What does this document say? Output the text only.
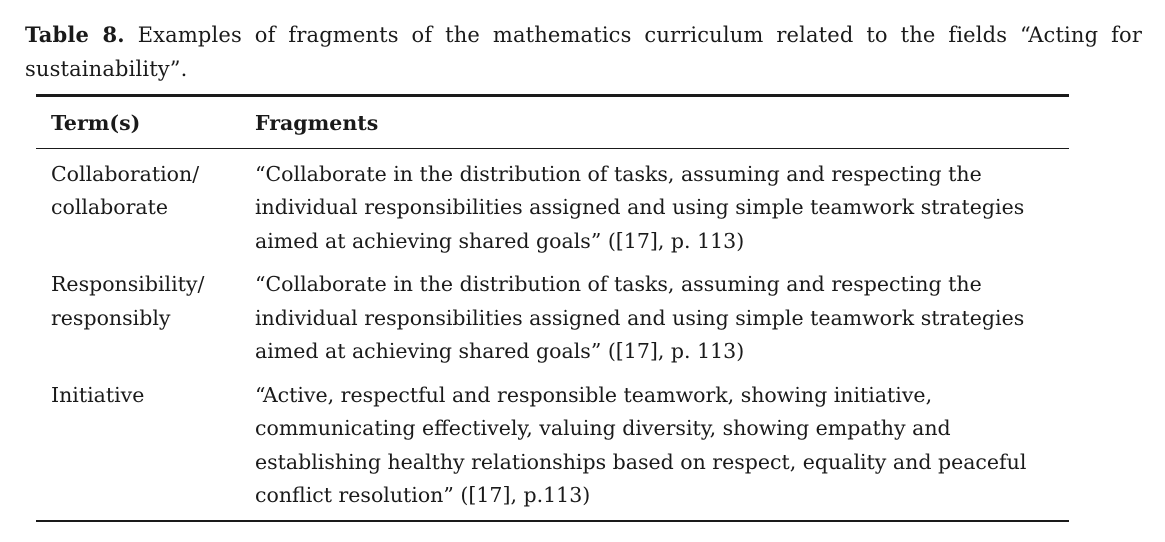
Table 8. Examples of fragments of the mathematics curriculum related to the fields “Acting for sustainability”.
Term(s)	Fragments
Collaboration/ collaborate	“Collaborate in the distribution of tasks, assuming and respecting the individual responsibilities assigned and using simple teamwork strategies aimed at achieving shared goals” ([17], p. 113)
Responsibility/ responsibly	“Collaborate in the distribution of tasks, assuming and respecting the individual responsibilities assigned and using simple teamwork strategies aimed at achieving shared goals” ([17], p. 113)
Initiative	“Active, respectful and responsible teamwork, showing initiative, communicating effectively, valuing diversity, showing empathy and establishing healthy relationships based on respect, equality and peaceful conflict resolution” ([17], p.113)
